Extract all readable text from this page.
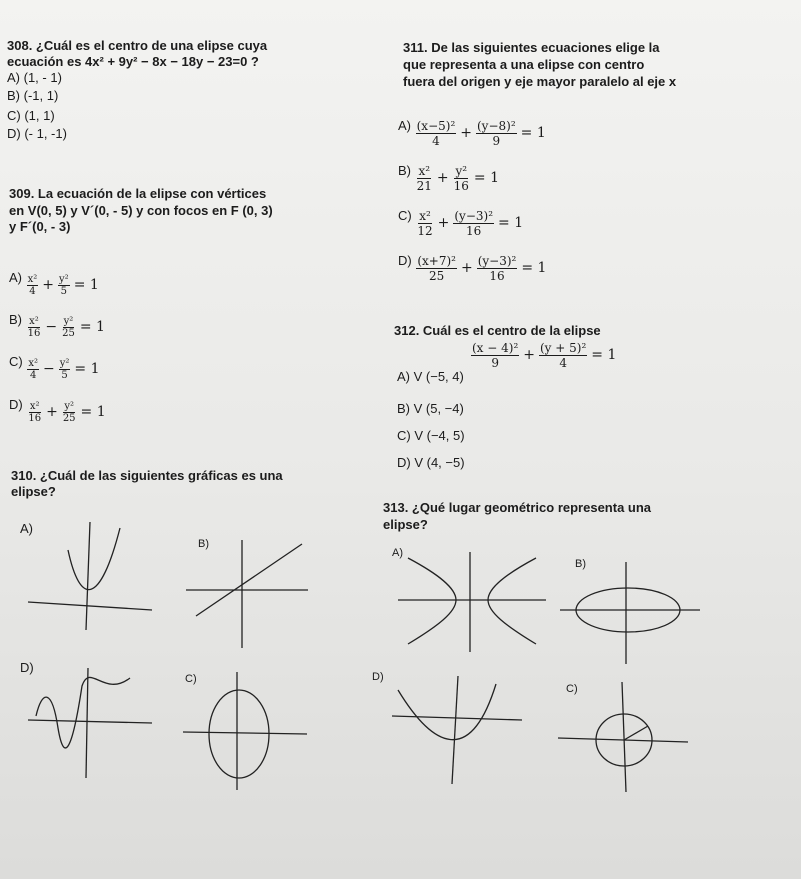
308. ¿Cuál es el centro de una elipse cuya
ecuación es 4x² + 9y² − 8x − 18y − 23=0 ?
A) (1, - 1)
B) (-1, 1)
C) (1, 1)
D) (- 1, -1)
309. La ecuación de la elipse con vértices
en V(0, 5) y V´(0, - 5) y con focos en F (0, 3)
y F´(0, - 3)
$A) \frac{\text{x²}}{4} + \frac{\text{y²}}{5} = 1$
$B) \frac{\text{x²}}{16} - \frac{\text{y²}}{25} = 1$
$C) \frac{\text{x²}}{4} - \frac{\text{y²}}{5} = 1$
$D) \frac{\text{x²}}{16} + \frac{\text{y²}}{25} = 1$
310. ¿Cuál de las siguientes gráficas es una
elipse?
A)
B)
D)
C)
311. De las siguientes ecuaciones elige la
que representa a una elipse con centro
fuera del origen y eje mayor paralelo al eje x
$A) \frac{\text{(x−5)²}}{4} + \frac{\text{(y−8)²}}{9} = 1$
$B) \frac{\text{x²}}{21} + \frac{\text{y²}}{16} = 1$
$C) \frac{\text{x²}}{12} + \frac{\text{(y−3)²}}{16} = 1$
$D) \frac{\text{(x+7)²}}{25} + \frac{\text{(y−3)²}}{16} = 1$
312. Cuál es el centro de la elipse
$\frac{\text{(x − 4)²}}{9} + \frac{\text{(y + 5)²}}{4} = 1$
A) V (−5, 4)
B) V (5, −4)
C) V (−4, 5)
D) V (4, −5)
313. ¿Qué lugar geométrico representa una
elipse?
A)
B)
D)
C)
